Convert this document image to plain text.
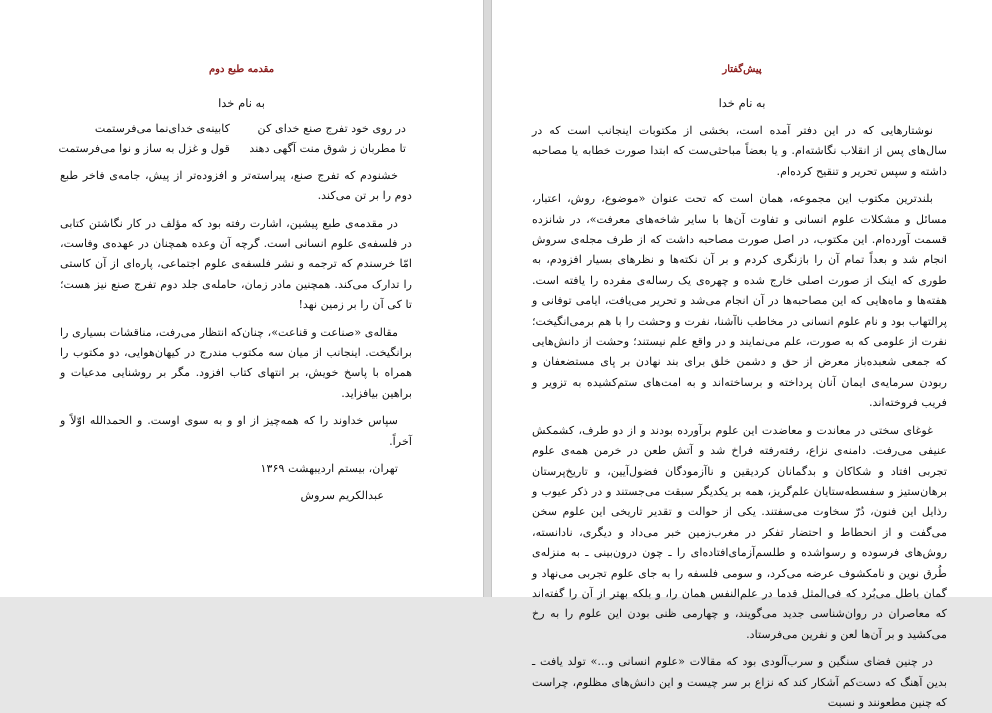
مقدمه طبع دوم
به نام خدا
در روی خود تفرج صنع خدای کن
کابینه‌ی خدای‌نما می‌فرستمت
تا مطربان ز شوق منت آگهی دهند
قول و غزل به ساز و نوا می‌فرستمت

خشنودم که تفرج صنع، پیراسته‌تر و افزوده‌تر از پیش، جامه‌ی فاخر طبع دوم را بر تن می‌کند.

در مقدمه‌ی طبع پیشین، اشارت رفته بود که مؤلف در کار نگاشتن کتابی در فلسفه‌ی علوم انسانی است. گرچه آن وعده همچنان در عهده‌ی وفاست، امّا خرسندم که ترجمه و نشر فلسفه‌ی علوم اجتماعی، پاره‌ای از آن کاستی را تدارک می‌کند. همچنین مادر زمان، حامله‌ی جلد دوم تفرج صنع نیز هست؛ تا کی آن را بر زمین نهد!

مقاله‌ی «صناعت و قناعت»، چنان‌که انتظار می‌رفت، مناقشات بسیاری را برانگیخت. اینجانب از میان سه مکتوب مندرج در کیهان‌هوایی، دو مکتوب را همراه با پاسخ خویش، بر انتهای کتاب افزود. مگر بر روشنایی مدعیات و براهین بیافزاید.

سپاس خداوند را که همه‌چیز از او و به سوی اوست. و الحمدالله اوّلاً و آخراً.

تهران، بیستم اردیبهشت ۱۳۶۹

عبدالکریم سروش

پیش‌گفتار
به نام خدا

نوشتارهایی که در این دفتر آمده است، بخشی از مکتوبات اینجانب است که در سال‌های پس از انقلاب نگاشته‌ام. و یا بعضاً مباحثی‌ست که ابتدا صورت خطابه یا مصاحبه داشته و سپس تحریر و تنقیح کرده‌ام.

بلندترین مکتوب این مجموعه، همان است که تحت عنوان «موضوع، روش، اعتبار، مسائل و مشکلات علوم انسانی و تفاوت آن‌ها با سایر شاخه‌های معرفت»، در شانزده قسمت آورده‌ام. این مکتوب، در اصل صورت مصاحبه داشت که از طرف مجله‌ی سروش انجام شد و بعداً تمام آن را بازنگری کردم و بر آن نکته‌ها و نظرهای بسیار افزودم، به طوری که اینک از صورت اصلی خارج شده و چهره‌ی یک رساله‌ی مفرده را یافته است. هفته‌ها و ماه‌هایی که این مصاحبه‌ها در آن انجام می‌شد و تحریر می‌یافت، ایامی توفانی و پرالتهاب بود و نام علوم انسانی در مخاطب ناآشنا، نفرت و وحشت را با هم برمی‌انگیخت؛ نفرت از علومی که به صورت، علم می‌نمایند و در واقع علم نیستند؛ وحشت از دانش‌هایی که جمعی شعبده‌باز معرض از حق و دشمن خلق برای بند نهادن بر پای مستضعفان و ربودن سرمایه‌ی ایمان آنان پرداخته و برساخته‌اند و به امت‌های ستم‌کشیده به تزویر و فریب فروخته‌اند.

غوغای سختی در معاندت و معاضدت این علوم برآورده بودند و از دو طرف، کشمکش عنیفی می‌رفت. دامنه‌ی نزاع، رفته‌رفته فراخ شد و آتش طعن در خرمن همه‌ی علوم تجربی افتاد و شکاکان و بدگمانان کردیقین و ناآزمودگان فضول‌آیین، و تاریخ‌پرستان برهان‌ستیز و سفسطه‌ستایان علم‌گریز، همه بر یکدیگر سبقت می‌جستند و در ذکر عیوب و رذایل این فنون، دُرّ سخاوت می‌سفتند. یکی از حوالت و تقدیر تاریخی این علوم سخن می‌گفت و از انحطاط و احتضار تفکر در مغرب‌زمین خبر می‌داد و دیگری، نادانسته، روش‌های فرسوده و رسواشده و طلسم‌آزمای‌افتاده‌ای را ـ چون درون‌بینی ـ به منزله‌ی طُرق نوین و نامکشوف عرضه می‌کرد، و سومی فلسفه را به جای علوم تجربی می‌نهاد و گمان باطل می‌بُرد که فی‌المثل قدما در علم‌النفس همان را، و بلکه بهتر از آن را گفته‌اند که معاصران در روان‌شناسی جدید می‌گویند، و چهارمی ظنی بودن این علوم را به رخ می‌کشید و بر آن‌ها لعن و نفرین می‌فرستاد.

در چنین فضای سنگین و سرب‌آلودی بود که مقالات «علوم انسانی و...» تولد یافت ـ بدین آهنگ که دست‌کم آشکار کند که نزاع بر سر چیست و این دانش‌های مظلوم، چراست که چنین مطعونند و نسبت
